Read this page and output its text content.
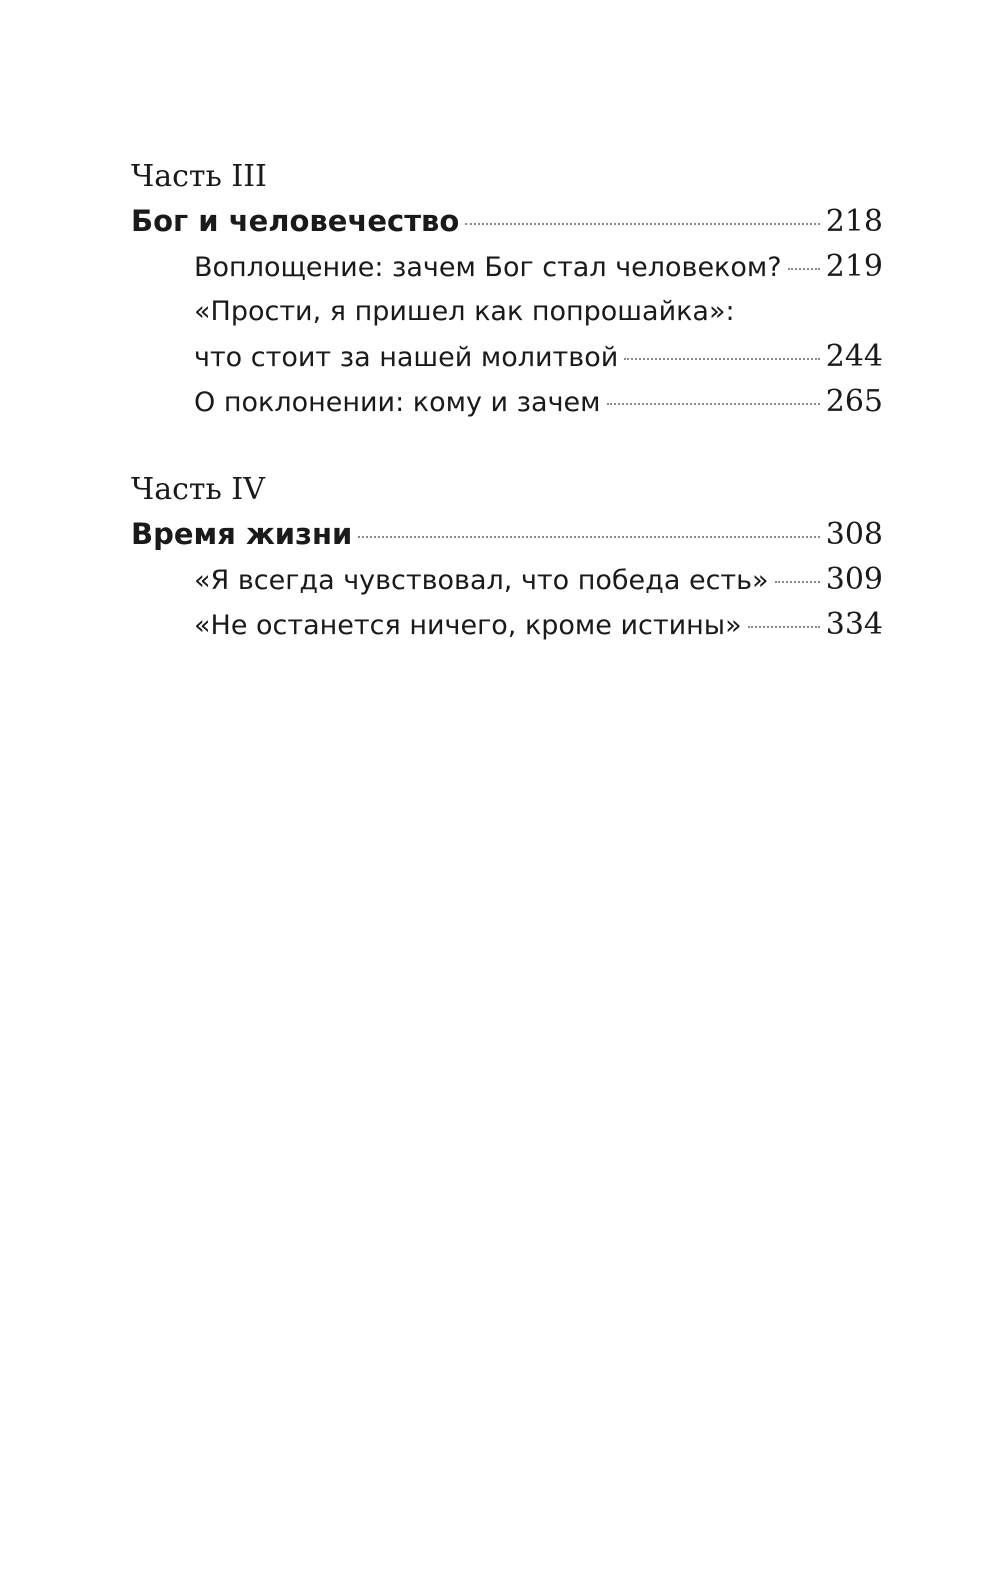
Часть III
Бог и человечество	218
Воплощение: зачем Бог стал человеком? 219
«Прости, я пришел как попрошайка»:
что стоит за нашей молитвой	244
О поклонении: кому и зачем	265
Часть IV
Время жизни	308
«Я всегда чувствовал, что победа есть» 309
«Не останется ничего, кроме истины»	334
